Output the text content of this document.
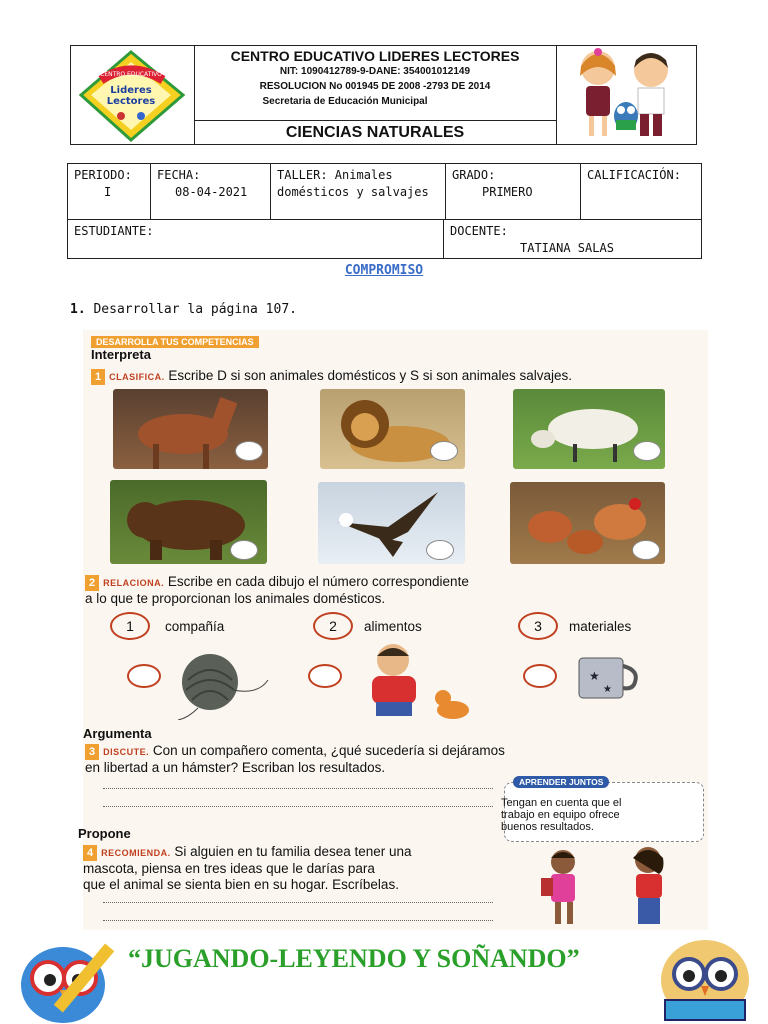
CENTRO EDUCATIVO
Lideres
Lectores
CENTRO EDUCATIVO LIDERES LECTORES
NIT: 1090412789-9-DANE: 354001012149
RESOLUCION No 001945 DE 2008 -2793 DE 2014
Secretaria de Educación Municipal
CIENCIAS NATURALES
PERIODO:
I
FECHA:
08-04-2021
TALLER: Animales
domésticos y salvajes
GRADO:
PRIMERO
CALIFICACIÓN:
ESTUDIANTE:	DOCENTE:
TATIANA SALAS
COMPROMISO
1. Desarrollar la página 107.
DESARROLLA TUS COMPETENCIAS
Interpreta
1 CLASIFICA. Escribe D si son animales domésticos y S si son animales salvajes.
2 RELACIONA. Escribe en cada dibujo el número correspondiente
a lo que te proporcionan los animales domésticos.
1	compañía	2	alimentos	3	materiales
★
★
Argumenta
3 DISCUTE. Con un compañero comenta, ¿qué sucedería si dejáramos
en libertad a un hámster? Escriban los resultados.
APRENDER JUNTOS
Tengan en cuenta que el
trabajo en equipo ofrece
buenos resultados.
Propone
4 RECOMIENDA. Si alguien en tu familia desea tener una
mascota, piensa en tres ideas que le darías para
que el animal se sienta bien en su hogar. Escríbelas.
“JUGANDO-LEYENDO Y SOÑANDO”
